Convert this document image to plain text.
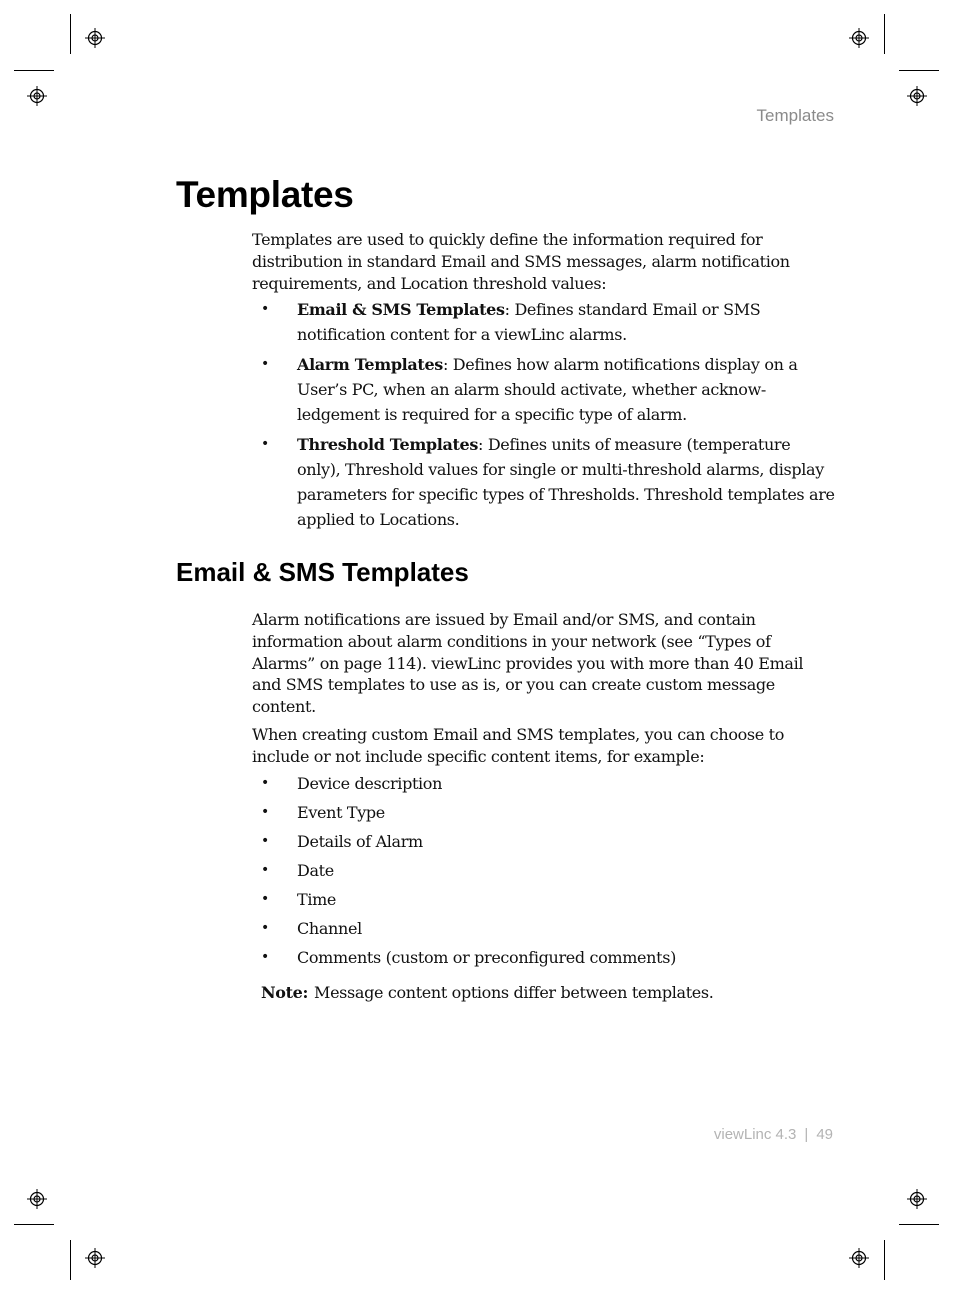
Templates
Templates

Templates are used to quickly define the information required for distribution in standard Email and SMS messages, alarm notification requirements, and Location threshold values:

• Email & SMS Templates: Defines standard Email or SMS notification content for a viewLinc alarms.
• Alarm Templates: Defines how alarm notifications display on a User’s PC, when an alarm should activate, whether acknow-ledgement is required for a specific type of alarm.
• Threshold Templates: Defines units of measure (temperature only), Threshold values for single or multi-threshold alarms, display parameters for specific types of Thresholds. Threshold templates are applied to Locations.
Email & SMS Templates

Alarm notifications are issued by Email and/or SMS, and contain information about alarm conditions in your network (see “Types of Alarms” on page 114). viewLinc provides you with more than 40 Email and SMS templates to use as is, or you can create custom message content.

When creating custom Email and SMS templates, you can choose to include or not include specific content items, for example:

• Device description
• Event Type
• Details of Alarm
• Date
• Time
• Channel
• Comments (custom or preconfigured comments)

Note: Message content options differ between templates.

viewLinc 4.3 | 49
